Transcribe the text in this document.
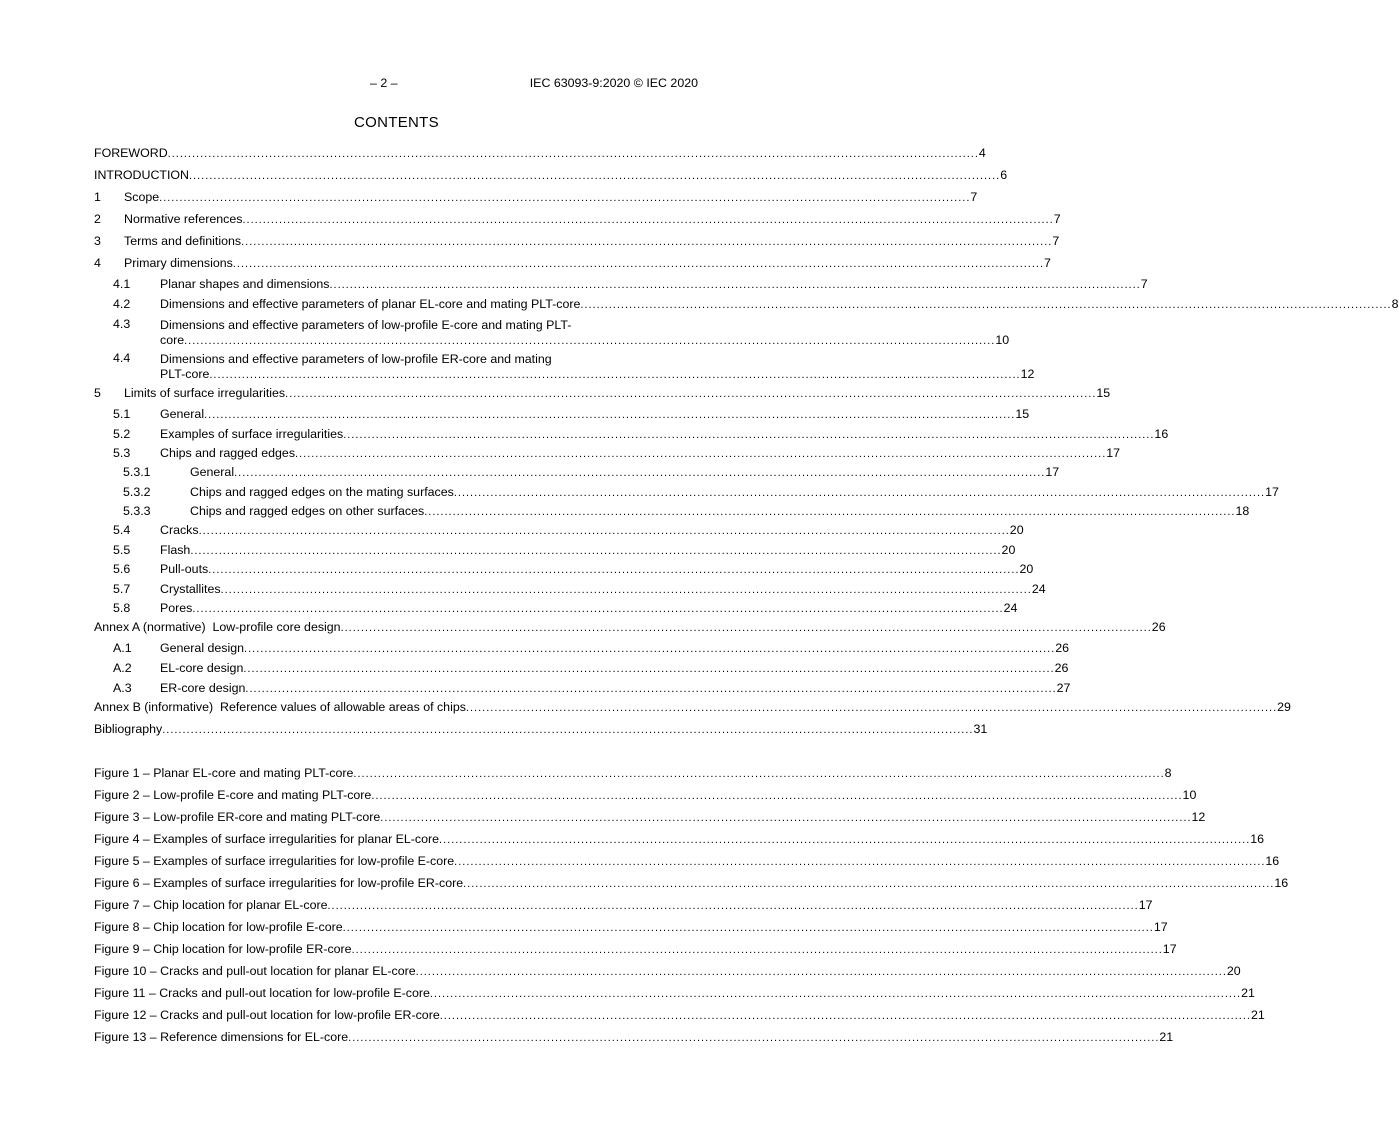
– 2 –	IEC 63093-9:2020 © IEC 2020
CONTENTS
FOREWORD ........................................................................................................................................................................................................ 4
INTRODUCTION ........................................................................................................................................................................................................ 6
1	Scope ........................................................................................................................................................................................................ 7
2	Normative references ........................................................................................................................................................................................................ 7
3	Terms and definitions ........................................................................................................................................................................................................ 7
4	Primary dimensions ........................................................................................................................................................................................................ 7
4.1	Planar shapes and dimensions ........................................................................................................................................................................................................ 7
4.2	Dimensions and effective parameters of planar EL-core and mating PLT-core ........................................................................................................................................................................................................ 8
4.3	Dimensions and effective parameters of low-profile E-core and mating PLT-
core ........................................................................................................................................................................................................ 10
4.4	Dimensions and effective parameters of low-profile ER-core and mating
PLT-core ........................................................................................................................................................................................................ 12
5	Limits of surface irregularities ........................................................................................................................................................................................................ 15
5.1	General ........................................................................................................................................................................................................ 15
5.2	Examples of surface irregularities ........................................................................................................................................................................................................ 16
5.3	Chips and ragged edges ........................................................................................................................................................................................................ 17
5.3.1	General ........................................................................................................................................................................................................ 17
5.3.2	Chips and ragged edges on the mating surfaces ........................................................................................................................................................................................................ 17
5.3.3	Chips and ragged edges on other surfaces ........................................................................................................................................................................................................ 18
5.4	Cracks ........................................................................................................................................................................................................ 20
5.5	Flash ........................................................................................................................................................................................................ 20
5.6	Pull-outs ........................................................................................................................................................................................................ 20
5.7	Crystallites ........................................................................................................................................................................................................ 24
5.8	Pores ........................................................................................................................................................................................................ 24
Annex A (normative)  Low-profile core design ........................................................................................................................................................................................................ 26
A.1	General design ........................................................................................................................................................................................................ 26
A.2	EL-core design ........................................................................................................................................................................................................ 26
A.3	ER-core design ........................................................................................................................................................................................................ 27
Annex B (informative)  Reference values of allowable areas of chips ........................................................................................................................................................................................................ 29
Bibliography ........................................................................................................................................................................................................ 31
Figure 1 – Planar EL-core and mating PLT-core ........................................................................................................................................................................................................ 8
Figure 2 – Low-profile E-core and mating PLT-core ........................................................................................................................................................................................................ 10
Figure 3 – Low-profile ER-core and mating PLT-core ........................................................................................................................................................................................................ 12
Figure 4 – Examples of surface irregularities for planar EL-core ........................................................................................................................................................................................................ 16
Figure 5 – Examples of surface irregularities for low-profile E-core ........................................................................................................................................................................................................ 16
Figure 6 – Examples of surface irregularities for low-profile ER-core ........................................................................................................................................................................................................ 16
Figure 7 – Chip location for planar EL-core ........................................................................................................................................................................................................ 17
Figure 8 – Chip location for low-profile E-core ........................................................................................................................................................................................................ 17
Figure 9 – Chip location for low-profile ER-core ........................................................................................................................................................................................................ 17
Figure 10 – Cracks and pull-out location for planar EL-core ........................................................................................................................................................................................................ 20
Figure 11 – Cracks and pull-out location for low-profile E-core ........................................................................................................................................................................................................ 21
Figure 12 – Cracks and pull-out location for low-profile ER-core ........................................................................................................................................................................................................ 21
Figure 13 – Reference dimensions for EL-core ........................................................................................................................................................................................................ 21
